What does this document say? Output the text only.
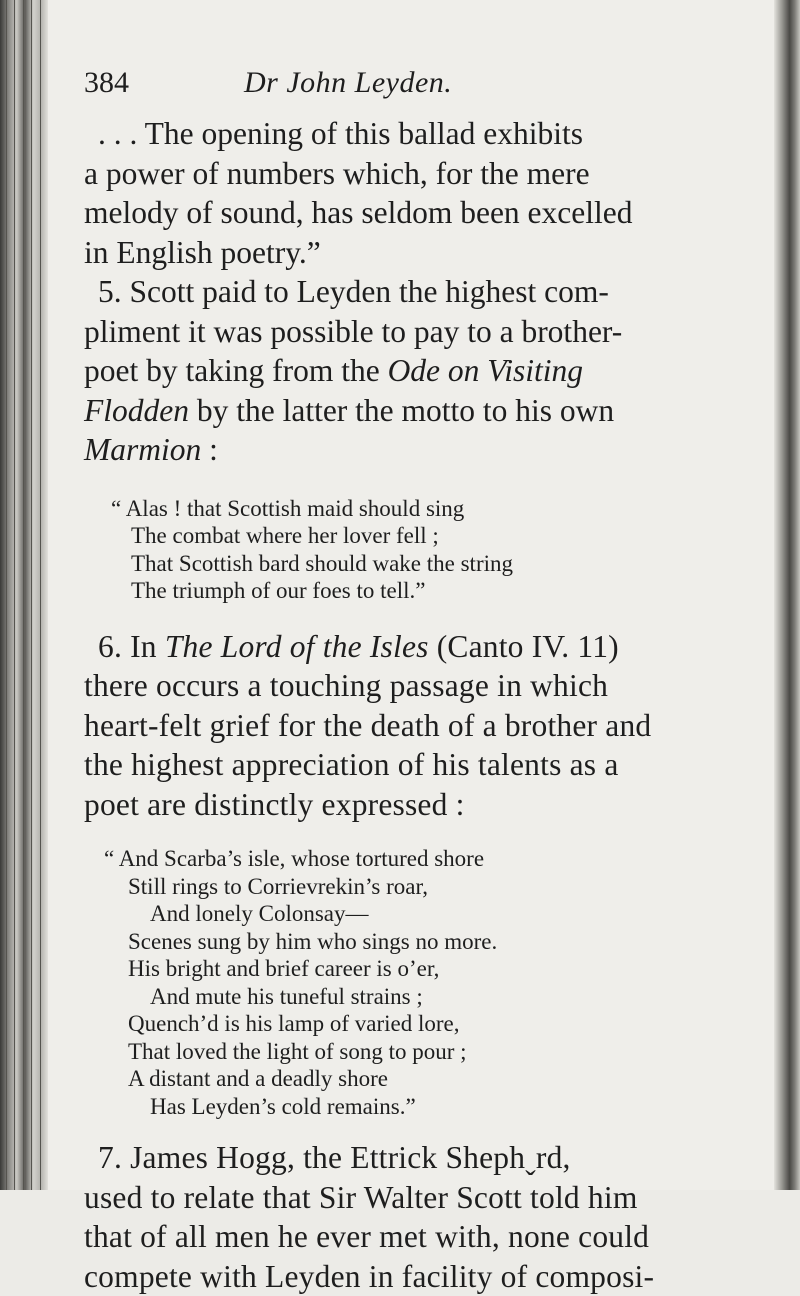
384	Dr John Leyden.
. . . The opening of this ballad exhibits
a power of numbers which, for the mere
melody of sound, has seldom been excelled
in English poetry.”
5. Scott paid to Leyden the highest com-
pliment it was possible to pay to a brother-
poet by taking from the Ode on Visiting
Flodden by the latter the motto to his own
Marmion :
“ Alas ! that Scottish maid should sing
The combat where her lover fell ;
That Scottish bard should wake the string
The triumph of our foes to tell.”
6. In The Lord of the Isles (Canto IV. 11)
there occurs a touching passage in which
heart-felt grief for the death of a brother and
the highest appreciation of his talents as a
poet are distinctly expressed :
“ And Scarba’s isle, whose tortured shore
Still rings to Corrievrekin’s roar,
And lonely Colonsay—
Scenes sung by him who sings no more.
His bright and brief career is o’er,
And mute his tuneful strains ;
Quench’d is his lamp of varied lore,
That loved the light of song to pour ;
A distant and a deadly shore
Has Leyden’s cold remains.”
7. James Hogg, the Ettrick Shephˬrd,
used to relate that Sir Walter Scott told him
that of all men he ever met with, none could
compete with Leyden in facility of composi-
